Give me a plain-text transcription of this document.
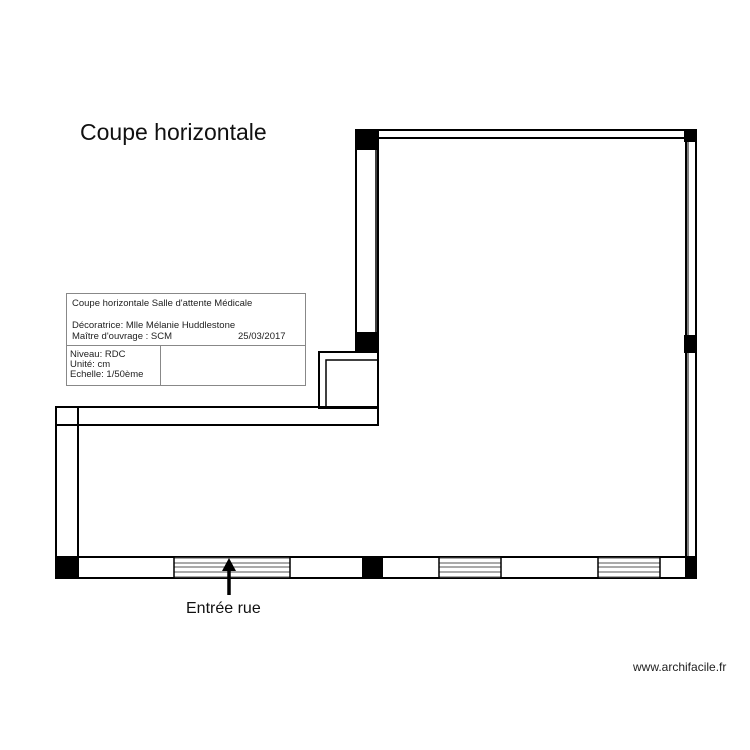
Coupe horizontale
Coupe horizontale Salle d'attente Médicale
Décoratrice: Mlle Mélanie Huddlestone
Maître d'ouvrage : SCM	25/03/2017
Niveau: RDC
Unité: cm
Echelle: 1/50ème
Entrée rue
www.archifacile.fr
